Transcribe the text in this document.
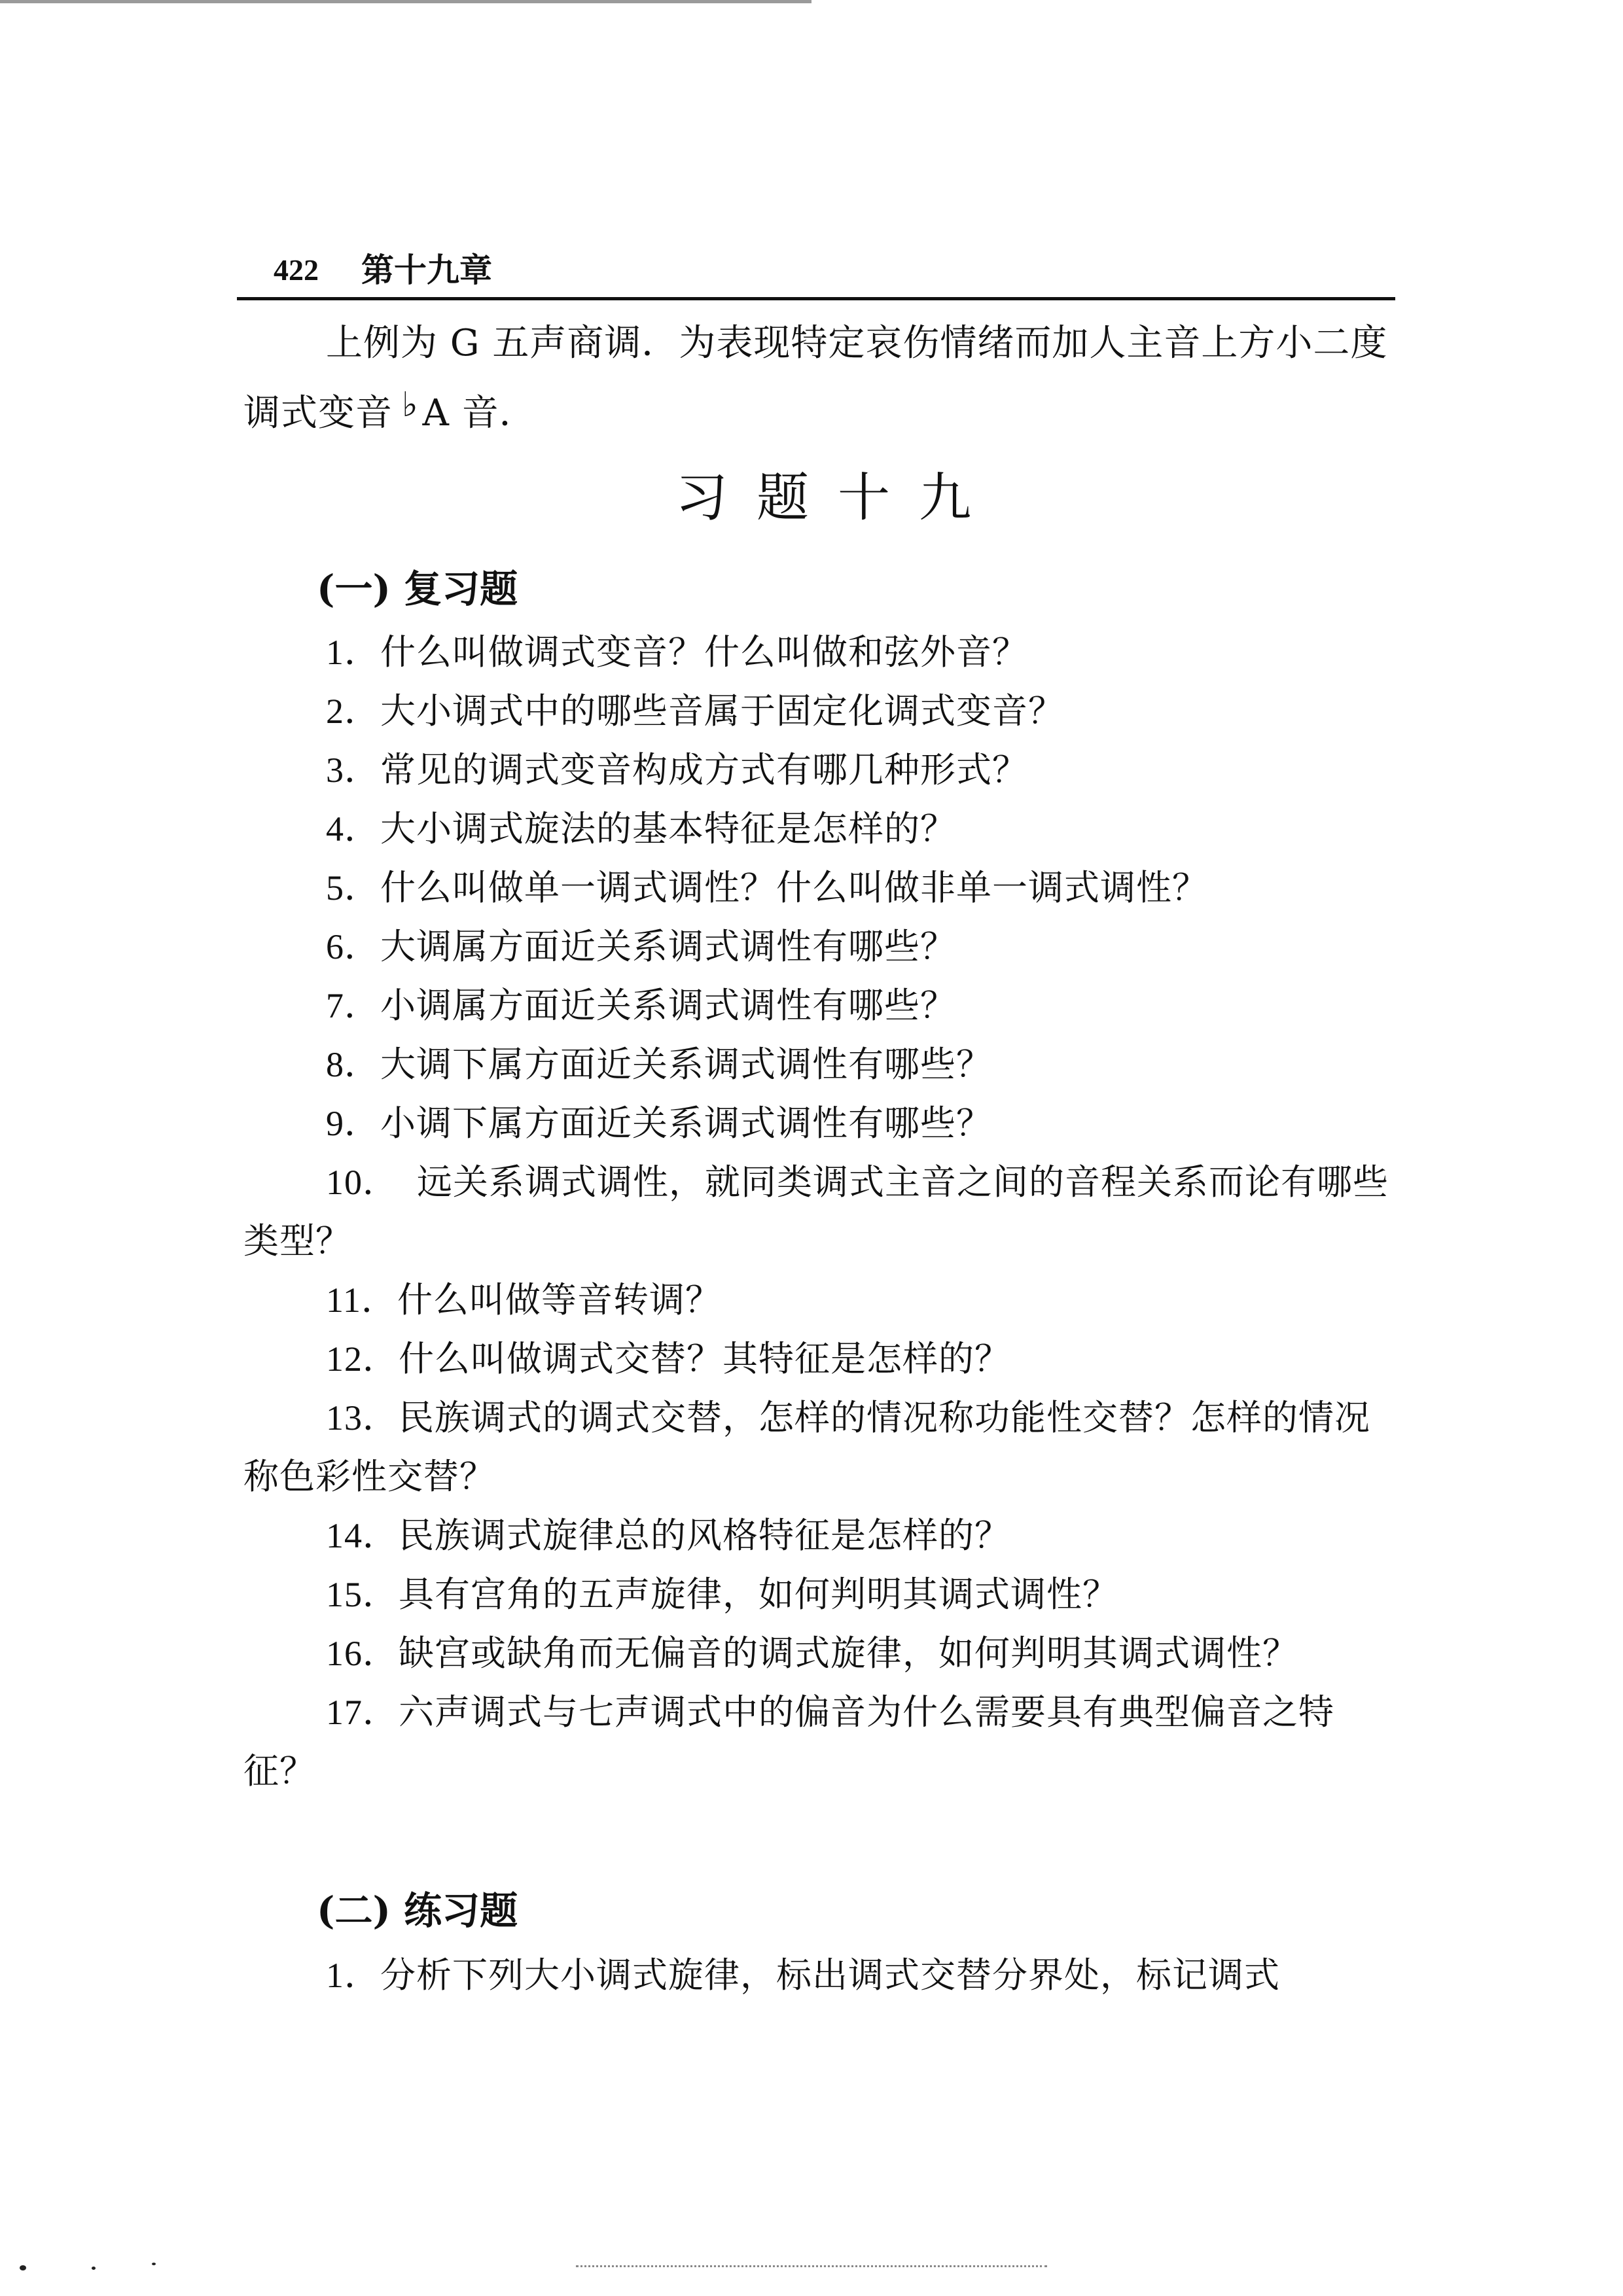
422 第十九章

上例为 G 五声商调．为表现特定哀伤情绪而加人主音上方小二度调式变音 ♭ A 音．

习题十九
(一) 复习题
1．什么叫做调式变音？什么叫做和弦外音？
2．大小调式中的哪些音属于固定化调式变音？
3．常见的调式变音构成方式有哪几种形式？
4．大小调式旋法的基本特征是怎样的？
5．什么叫做单一调式调性？什么叫做非单一调式调性？
6．大调属方面近关系调式调性有哪些？
7．小调属方面近关系调式调性有哪些？
8．大调下属方面近关系调式调性有哪些？
9．小调下属方面近关系调式调性有哪些？
10．　远关系调式调性，就同类调式主音之间的音程关系而论有哪些类型？
11．什么叫做等音转调？
12．什么叫做调式交替？其特征是怎样的？
13．民族调式的调式交替，怎样的情况称功能性交替？怎样的情况称色彩性交替？
14．民族调式旋律总的风格特征是怎样的？
15．具有宫角的五声旋律，如何判明其调式调性？
16．缺宫或缺角而无偏音的调式旋律，如何判明其调式调性？
17．六声调式与七声调式中的偏音为什么需要具有典型偏音之特征？
(二) 练习题
1．分析下列大小调式旋律，标出调式交替分界处，标记调式
